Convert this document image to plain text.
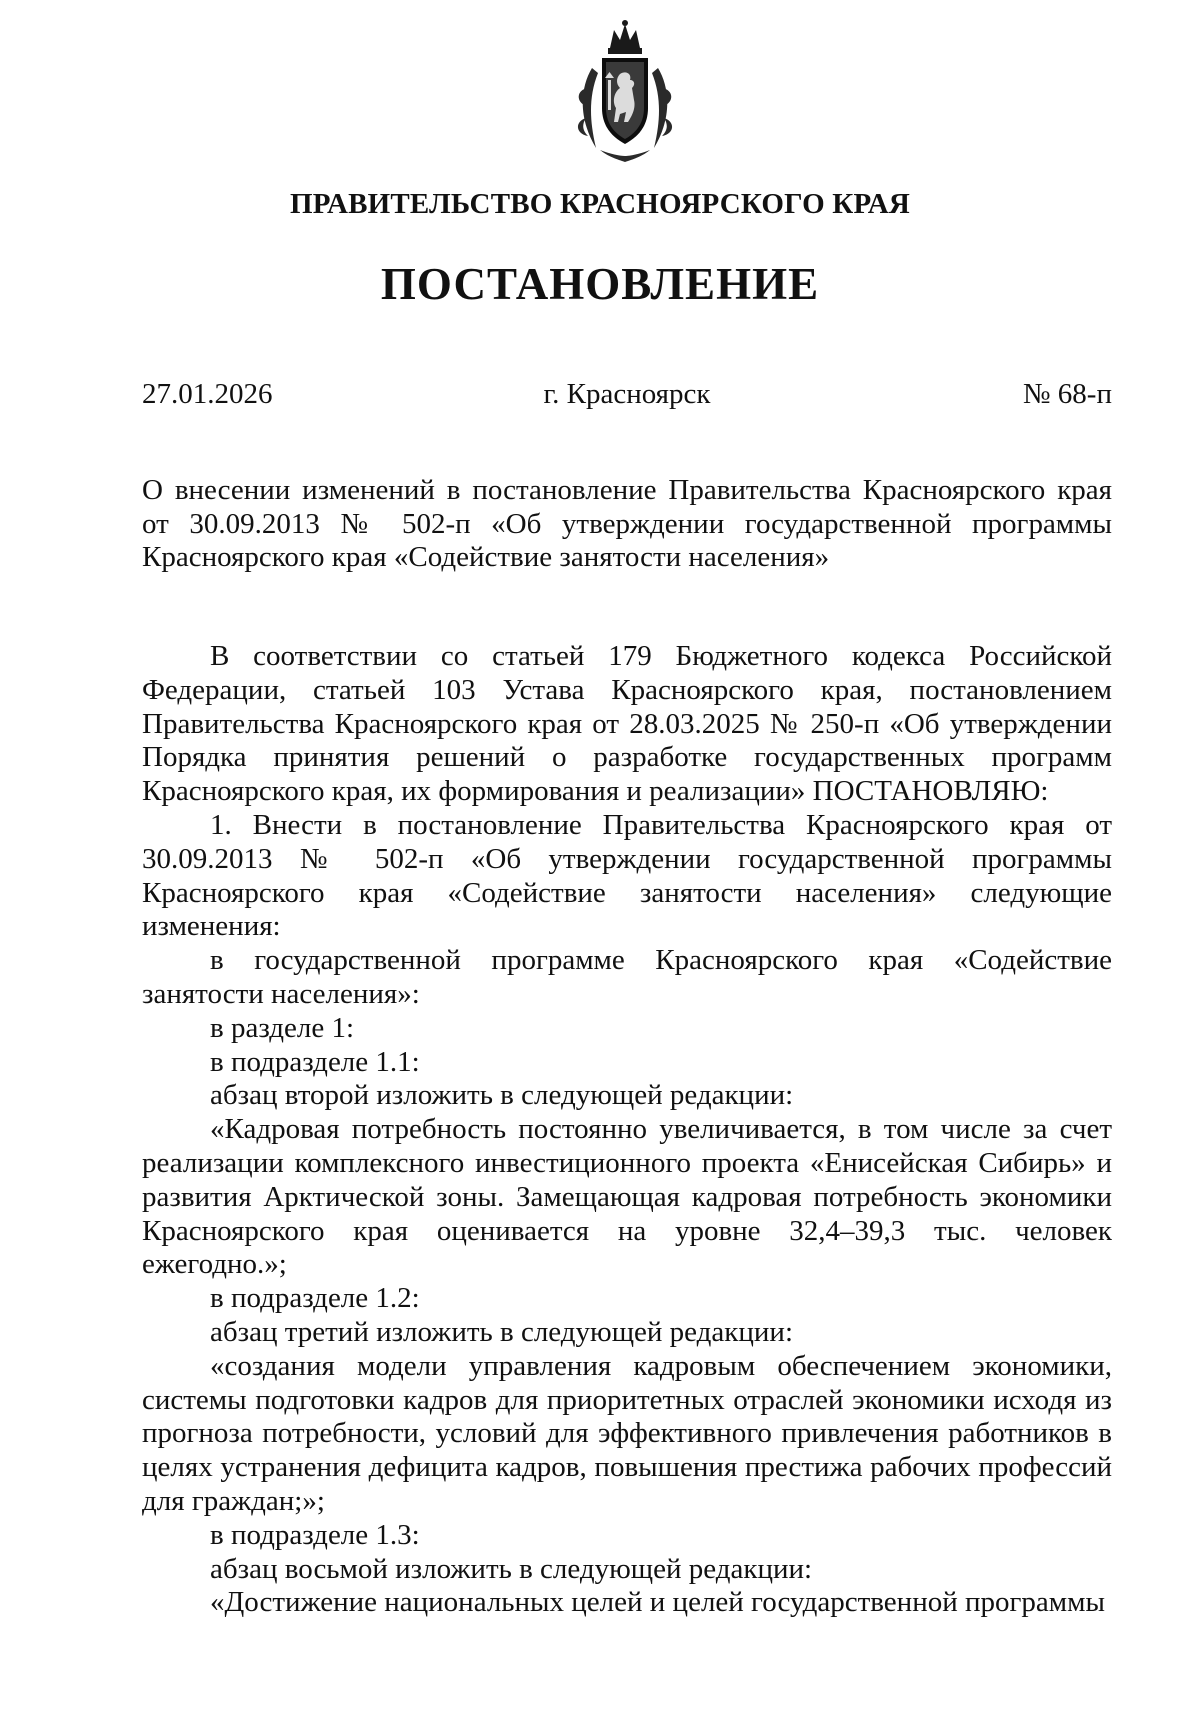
ПРАВИТЕЛЬСТВО КРАСНОЯРСКОГО КРАЯ
ПОСТАНОВЛЕНИЕ
27.01.2026	г. Красноярск	№ 68-п
О внесении изменений в постановление Правительства Красноярского края от 30.09.2013 № 502-п «Об утверждении государственной программы Красноярского края «Содействие занятости населения»

В соответствии со статьей 179 Бюджетного кодекса Российской Федерации, статьей 103 Устава Красноярского края, постановлением Правительства Красноярского края от 28.03.2025 № 250-п «Об утверждении Порядка принятия решений о разработке государственных программ Красноярского края, их формирования и реализации» ПОСТАНОВЛЯЮ:

1. Внести в постановление Правительства Красноярского края от 30.09.2013 № 502-п «Об утверждении государственной программы Красноярского края «Содействие занятости населения» следующие изменения:

в государственной программе Красноярского края «Содействие занятости населения»:

в разделе 1:

в подразделе 1.1:

абзац второй изложить в следующей редакции:

«Кадровая потребность постоянно увеличивается, в том числе за счет реализации комплексного инвестиционного проекта «Енисейская Сибирь» и развития Арктической зоны. Замещающая кадровая потребность экономики Красноярского края оценивается на уровне 32,4–39,3 тыс. человек ежегодно.»;

в подразделе 1.2:

абзац третий изложить в следующей редакции:

«создания модели управления кадровым обеспечением экономики, системы подготовки кадров для приоритетных отраслей экономики исходя из прогноза потребности, условий для эффективного привлечения работников в целях устранения дефицита кадров, повышения престижа рабочих профессий для граждан;»;

в подразделе 1.3:

абзац восьмой изложить в следующей редакции:

«Достижение национальных целей и целей государственной программы
